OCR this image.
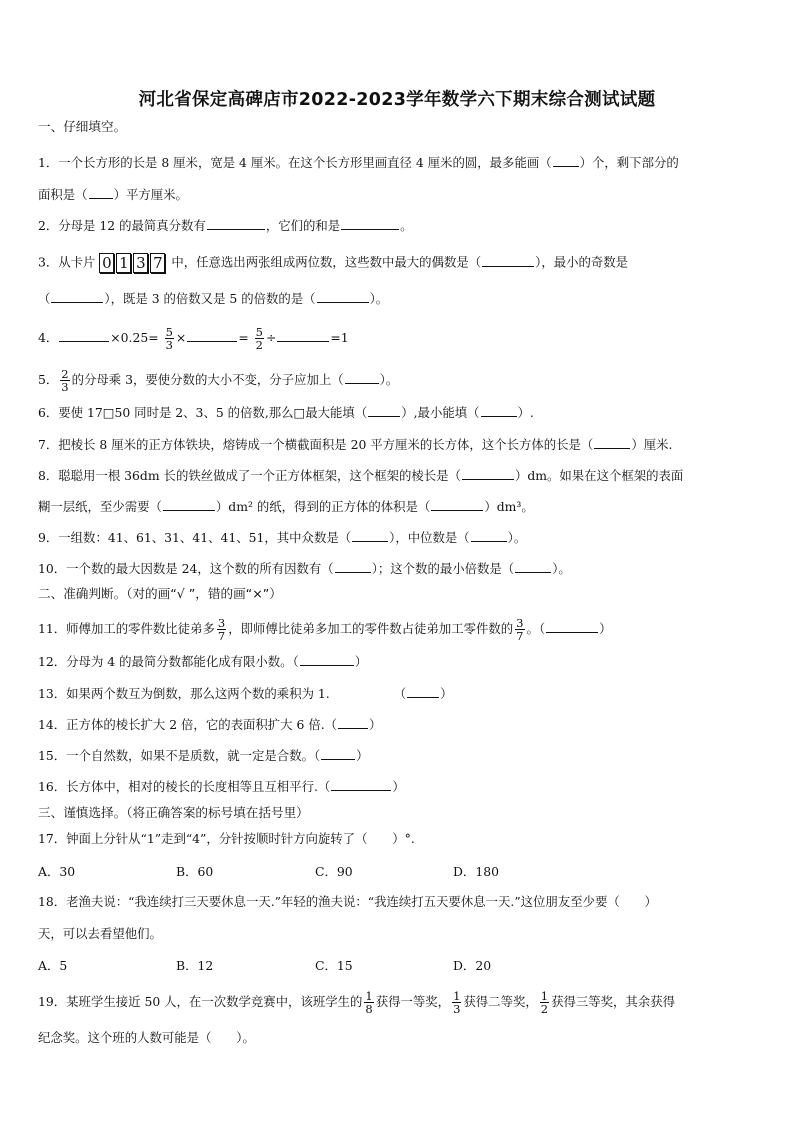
河北省保定高碑店市2022-2023学年数学六下期末综合测试试题
一、仔细填空。
1．一个长方形的长是 8 厘米，宽是 4 厘米。在这个长方形里画直径 4 厘米的圆，最多能画（ ）个，剩下部分的
面积是（ ）平方厘米。
2．分母是 12 的最简真分数有	，它们的和是	。
3．从卡片 0 1 3 7 中，任意选出两张组成两位数，这些数中最大的偶数是（	），最小的奇数是
（	），既是 3 的倍数又是 5 的倍数的是（	）。
4．	$\times 0.25= \frac{5}{3}$ ×	= $\frac{5}{2}$ ÷	=1
5． $\frac{2}{3}$ 的分母乘 3，要使分数的大小不变，分子应加上（	）。
6．要使 17□50 同时是 2、3、5 的倍数,那么□最大能填（	）,最小能填（	）.
7．把棱长 8 厘米的正方体铁块，熔铸成一个横截面积是 20 平方厘米的长方体，这个长方体的长是（	）厘米.
8．聪聪用一根 36dm 长的铁丝做成了一个正方体框架，这个框架的棱长是（	）dm。如果在这个框架的表面
糊一层纸，至少需要（	）dm² 的纸，得到的正方体的体积是（	）dm³。
9．一组数：41、61、31、41、41、51，其中众数是（	），中位数是（	）。
10．一个数的最大因数是 24，这个数的所有因数有（	）；这个数的最小倍数是（	）。
二、准确判断。（对的画“√ ”，错的画“×”）
11．师傅加工的零件数比徒弟多 $\frac{3}{7}$ ，即师傅比徒弟多加工的零件数占徒弟加工零件数的 $\frac{3}{7}$ 。（	）
12．分母为 4 的最简分数都能化成有限小数。（	）
13．如果两个数互为倒数，那么这两个数的乘积为 1.	（	）
14．正方体的棱长扩大 2 倍，它的表面积扩大 6 倍.（	）
15．一个自然数，如果不是质数，就一定是合数。（	）
16．长方体中，相对的棱长的长度相等且互相平行.（	）
三、谨慎选择。（将正确答案的标号填在括号里）
17．钟面上分针从“1”走到“4”，分针按顺时针方向旋转了（　　）°.
A．30	B．60	C．90	D．180
18．老渔夫说：“我连续打三天要休息一天.”年轻的渔夫说：“我连续打五天要休息一天.”这位朋友至少要（　　）
天，可以去看望他们。
A．5	B．12	C．15	D．20
19．某班学生接近 50 人，在一次数学竞赛中，该班学生的 $\frac{1}{8}$ 获得一等奖， $\frac{1}{3}$ 获得二等奖， $\frac{1}{2}$ 获得三等奖，其余获得
纪念奖。这个班的人数可能是（　　）。
